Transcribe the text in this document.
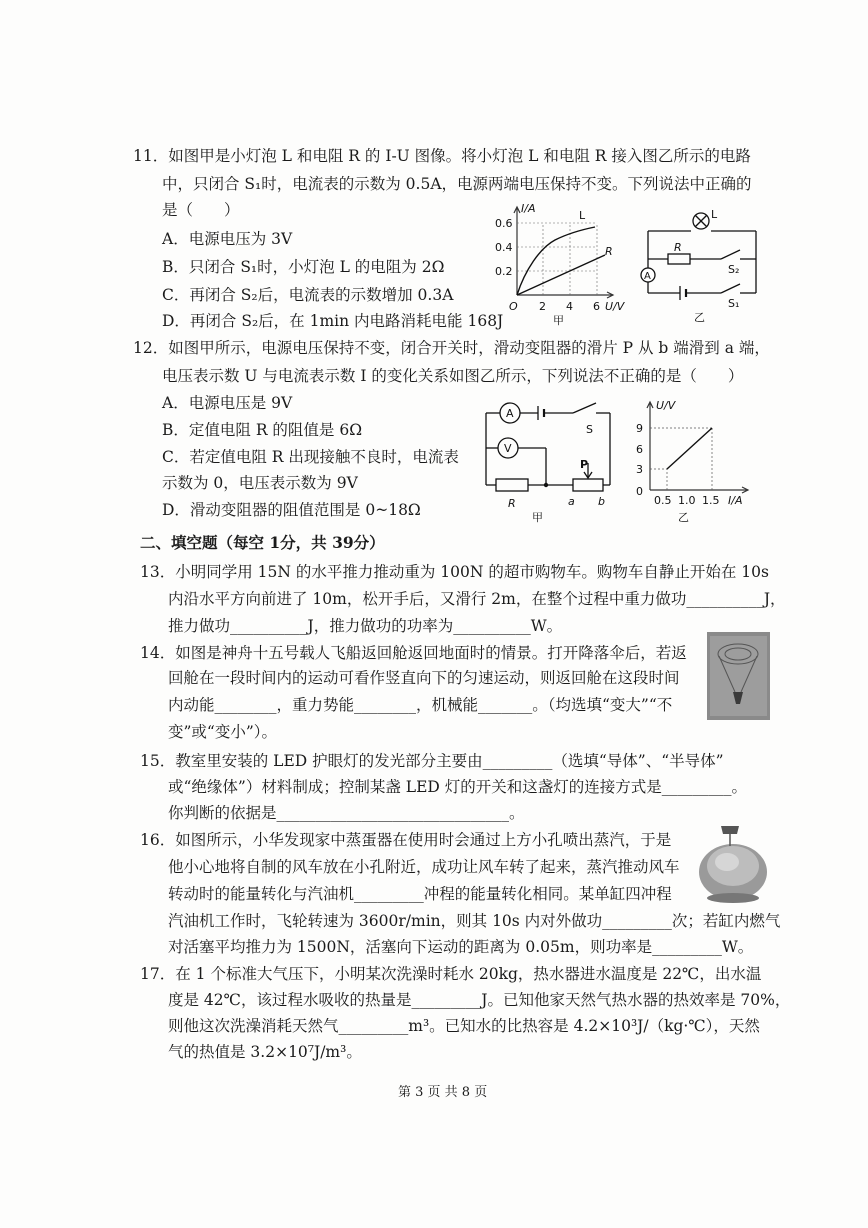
11．如图甲是小灯泡 L 和电阻 R 的 I-U 图像。将小灯泡 L 和电阻 R 接入图乙所示的电路
中，只闭合 S₁时，电流表的示数为 0.5A，电源两端电压保持不变。下列说法中正确的
是（　　）
A．电源电压为 3V
B．只闭合 S₁时，小灯泡 L 的电阻为 2Ω
C．再闭合 S₂后，电流表的示数增加 0.3A
D．再闭合 S₂后，在 1min 内电路消耗电能 168J
I/A
0.6
0.4
0.2
O 2 4 6 U/V
L
R
甲
L
R
A
S₂
S₁
乙
12．如图甲所示，电源电压保持不变，闭合开关时，滑动变阻器的滑片 P 从 b 端滑到 a 端，
电压表示数 U 与电流表示数 I 的变化关系如图乙所示，下列说法不正确的是（　　）
A．电源电压是 9V
B．定值电阻 R 的阻值是 6Ω
C．若定值电阻 R 出现接触不良时，电流表
示数为 0，电压表示数为 9V
D．滑动变阻器的阻值范围是 0~18Ω
A
V
S
R
P
a b
甲
U/V
9
6
3
0
0.5 1.0 1.5 I/A
乙
二、填空题（每空 1分，共 39分）
13．小明同学用 15N 的水平推力推动重为 100N 的超市购物车。购物车自静止开始在 10s
内沿水平方向前进了 10m，松开手后，又滑行 2m，在整个过程中重力做功__________J，
推力做功__________J，推力做功的功率为__________W。
14．如图是神舟十五号载人飞船返回舱返回地面时的情景。打开降落伞后，若返
回舱在一段时间内的运动可看作竖直向下的匀速运动，则返回舱在这段时间
内动能________，重力势能________，机械能_______。（均选填“变大”“不
变”或“变小”）。
15．教室里安装的 LED 护眼灯的发光部分主要由_________（选填“导体”、“半导体”
或“绝缘体”）材料制成；控制某盏 LED 灯的开关和这盏灯的连接方式是_________。
你判断的依据是______________________________。
16．如图所示，小华发现家中蒸蛋器在使用时会通过上方小孔喷出蒸汽，于是
他小心地将自制的风车放在小孔附近，成功让风车转了起来，蒸汽推动风车
转动时的能量转化与汽油机_________冲程的能量转化相同。某单缸四冲程
汽油机工作时，飞轮转速为 3600r/min，则其 10s 内对外做功_________次；若缸内燃气
对活塞平均推力为 1500N，活塞向下运动的距离为 0.05m，则功率是_________W。
17．在 1 个标准大气压下，小明某次洗澡时耗水 20kg，热水器进水温度是 22℃，出水温
度是 42℃，该过程水吸收的热量是_________J。已知他家天然气热水器的热效率是 70%，
则他这次洗澡消耗天然气_________m³。已知水的比热容是 4.2×10³J/（kg·℃），天然
气的热值是 3.2×10⁷J/m³。
第 3 页 共 8 页
